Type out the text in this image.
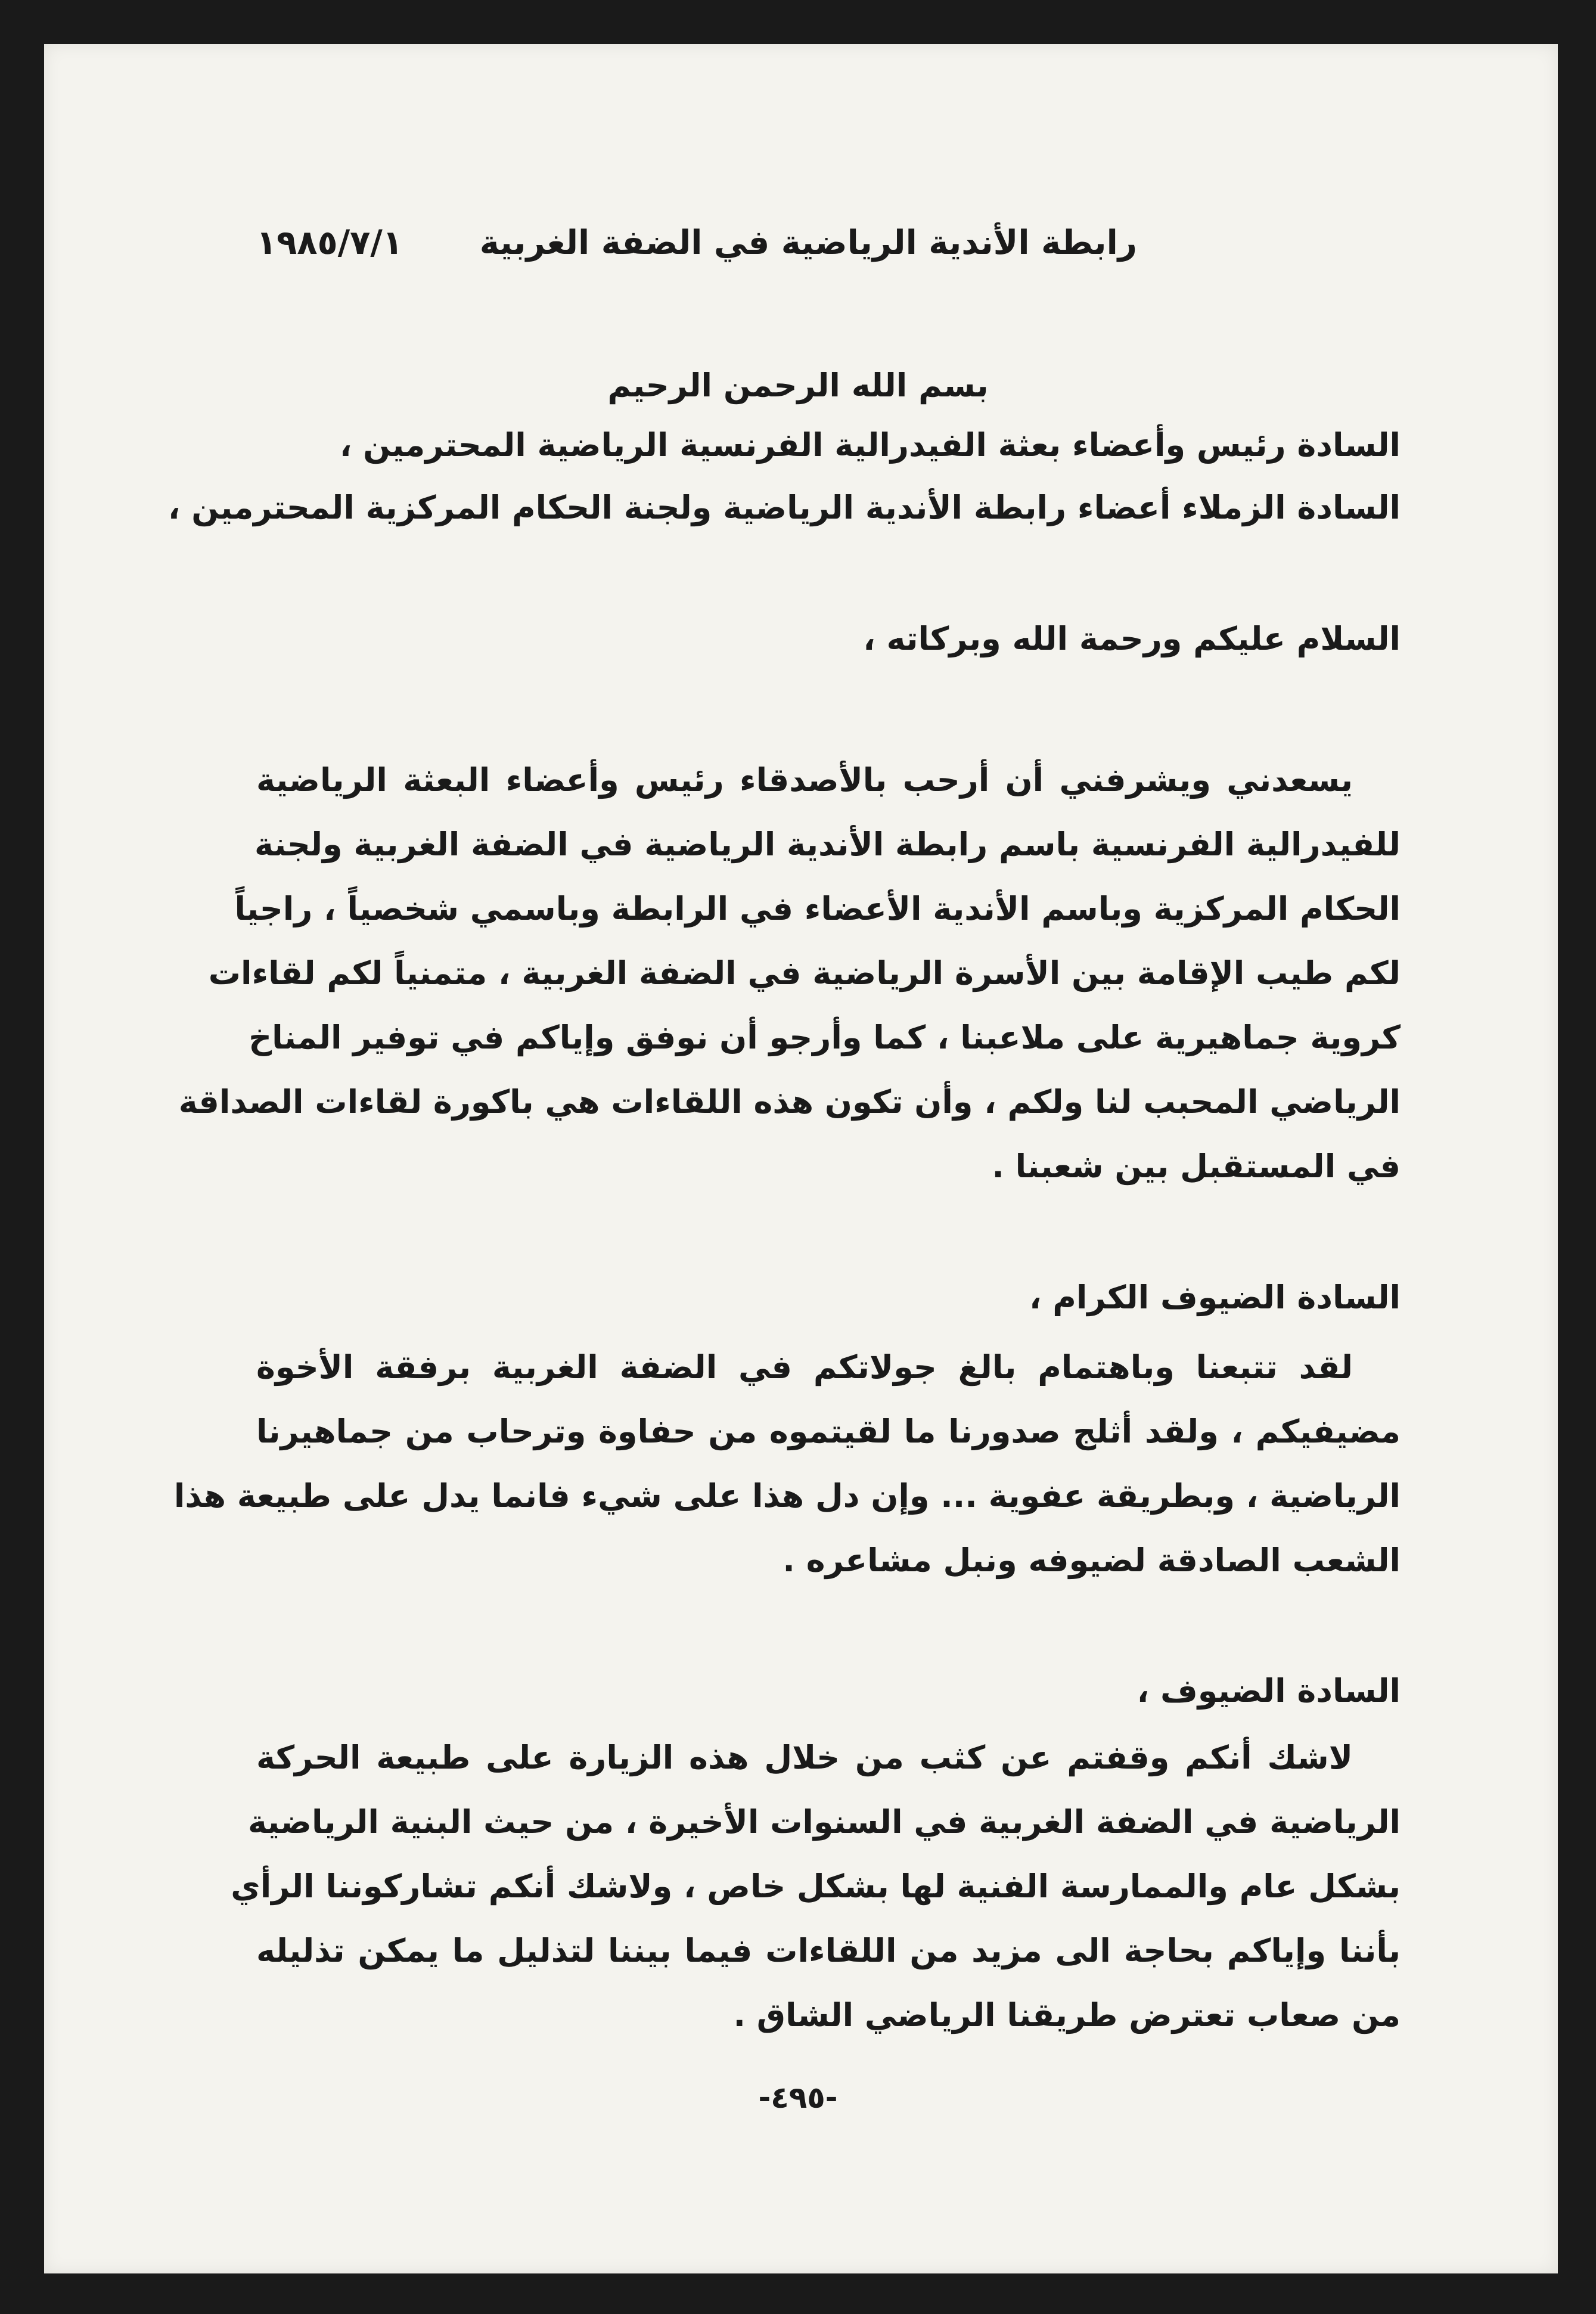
رابطة الأندية الرياضية في الضفة الغربية
١٩٨٥/٧/١
بسم الله الرحمن الرحيم
السادة رئيس وأعضاء بعثة الفيدرالية الفرنسية الرياضية المحترمين ،
السادة الزملاء أعضاء رابطة الأندية الرياضية ولجنة الحكام المركزية المحترمين ،
السلام عليكم ورحمة الله وبركاته ،
يسعدني ويشرفني أن أرحب بالأصدقاء رئيس وأعضاء البعثة الرياضية
للفيدرالية الفرنسية باسم رابطة الأندية الرياضية في الضفة الغربية ولجنة
الحكام المركزية وباسم الأندية الأعضاء في الرابطة وباسمي شخصياً ، راجياً
لكم طيب الإقامة بين الأسرة الرياضية في الضفة الغربية ، متمنياً لكم لقاءات
كروية جماهيرية على ملاعبنا ، كما وأرجو أن نوفق وإياكم في توفير المناخ
الرياضي المحبب لنا ولكم ، وأن تكون هذه اللقاءات هي باكورة لقاءات الصداقة
في المستقبل بين شعبنا .
السادة الضيوف الكرام ،
لقد تتبعنا وباهتمام بالغ جولاتكم في الضفة الغربية برفقة الأخوة
مضيفيكم ، ولقد أثلج صدورنا ما لقيتموه من حفاوة وترحاب من جماهيرنا
الرياضية ، وبطريقة عفوية ... وإن دل هذا على شيء فانما يدل على طبيعة هذا
الشعب الصادقة لضيوفه ونبل مشاعره .
السادة الضيوف ،
لاشك أنكم وقفتم عن كثب من خلال هذه الزيارة على طبيعة الحركة
الرياضية في الضفة الغربية في السنوات الأخيرة ، من حيث البنية الرياضية
بشكل عام والممارسة الفنية لها بشكل خاص ، ولاشك أنكم تشاركوننا الرأي
بأننا وإياكم بحاجة الى مزيد من اللقاءات فيما بيننا لتذليل ما يمكن تذليله
من صعاب تعترض طريقنا الرياضي الشاق .
-٤٩٥-
